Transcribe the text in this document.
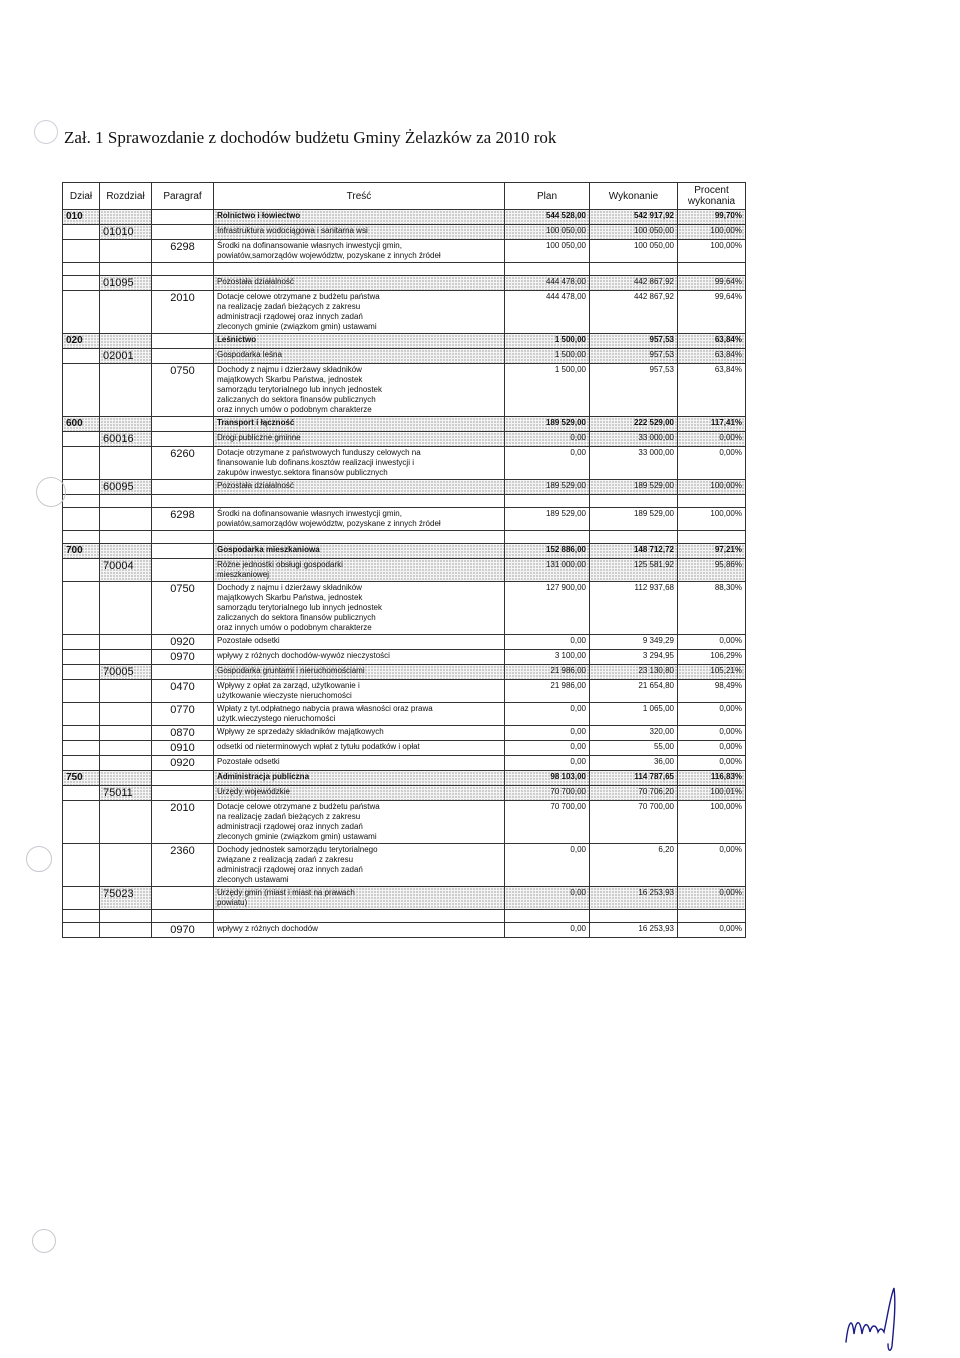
Zał. 1 Sprawozdanie z dochodów budżetu Gminy Żelazków za 2010 rok
Dział	Rozdział	Paragraf	Treść	Plan	Wykonanie	Procent wykonania
010			Rolnictwo i łowiectwo	544 528,00	542 917,92	99,70%
	01010		Infrastruktura wodociągowa i sanitarna wsi	100 050,00	100 050,00	100,00%
		6298	Środki na dofinansowanie własnych inwestycji gmin,
powiatów,samorządów województw, pozyskane z innych źródeł	100 050,00	100 050,00	100,00%

	01095		Pozostała działalność	444 478,00	442 867,92	99,64%
		2010	Dotacje celowe otrzymane z budżetu państwa
na realizację zadań bieżących z zakresu
administracji rządowej oraz innych zadań
zleconych gminie (związkom gmin) ustawami	444 478,00	442 867,92	99,64%
020			Leśnictwo	1 500,00	957,53	63,84%
	02001		Gospodarka leśna	1 500,00	957,53	63,84%
		0750	Dochody z najmu i dzierżawy składników
majątkowych Skarbu Państwa, jednostek
samorządu terytorialnego lub innych jednostek
zaliczanych do sektora finansów publicznych
oraz innych umów o podobnym charakterze	1 500,00	957,53	63,84%
600			Transport i łączność	189 529,00	222 529,00	117,41%
	60016		Drogi publiczne gminne	0,00	33 000,00	0,00%
		6260	Dotacje otrzymane z państwowych funduszy celowych na
finansowanie lub dofinans.kosztów realizacji inwestycji i
zakupów inwestyc.sektora finansów publicznych	0,00	33 000,00	0,00%
	60095		Pozostała działalność	189 529,00	189 529,00	100,00%

		6298	Środki na dofinansowanie własnych inwestycji gmin,
powiatów,samorządów województw, pozyskane z innych źródeł	189 529,00	189 529,00	100,00%

700			Gospodarka mieszkaniowa	152 886,00	148 712,72	97,21%
	70004		Różne jednostki obsługi gospodarki
mieszkaniowej	131 000,00	125 581,92	95,86%
		0750	Dochody z najmu i dzierżawy składników
majątkowych Skarbu Państwa, jednostek
samorządu terytorialnego lub innych jednostek
zaliczanych do sektora finansów publicznych
oraz innych umów o podobnym charakterze	127 900,00	112 937,68	88,30%
		0920	Pozostałe odsetki	0,00	9 349,29	0,00%
		0970	wpływy z różnych dochodów-wywóz nieczystości	3 100,00	3 294,95	106,29%
	70005		Gospodarka gruntami i nieruchomościami	21 986,00	23 130,80	105,21%
		0470	Wpływy z opłat za zarząd, użytkowanie i
użytkowanie wieczyste nieruchomości	21 986,00	21 654,80	98,49%
		0770	Wpłaty z tyt.odpłatnego nabycia prawa własności oraz prawa
użytk.wieczystego nieruchomości	0,00	1 065,00	0,00%
		0870	Wpływy ze sprzedaży składników majątkowych	0,00	320,00	0,00%
		0910	odsetki od nieterminowych wpłat z tytułu podatków i opłat	0,00	55,00	0,00%
		0920	Pozostałe odsetki	0,00	36,00	0,00%
750			Administracja publiczna	98 103,00	114 787,65	116,83%
	75011		Urzędy wojewódzkie	70 700,00	70 706,20	100,01%
		2010	Dotacje celowe otrzymane z budżetu państwa
na realizację zadań bieżących z zakresu
administracji rządowej oraz innych zadań
zleconych gminie (związkom gmin) ustawami	70 700,00	70 700,00	100,00%
		2360	Dochody jednostek samorządu terytorialnego
związane z realizacją zadań z zakresu
administracji rządowej oraz innych zadań
zleconych ustawami	0,00	6,20	0,00%
	75023		Urzędy gmin (miast i miast na prawach
powiatu)	0,00	16 253,93	0,00%

		0970	wpływy z różnych dochodów	0,00	16 253,93	0,00%
